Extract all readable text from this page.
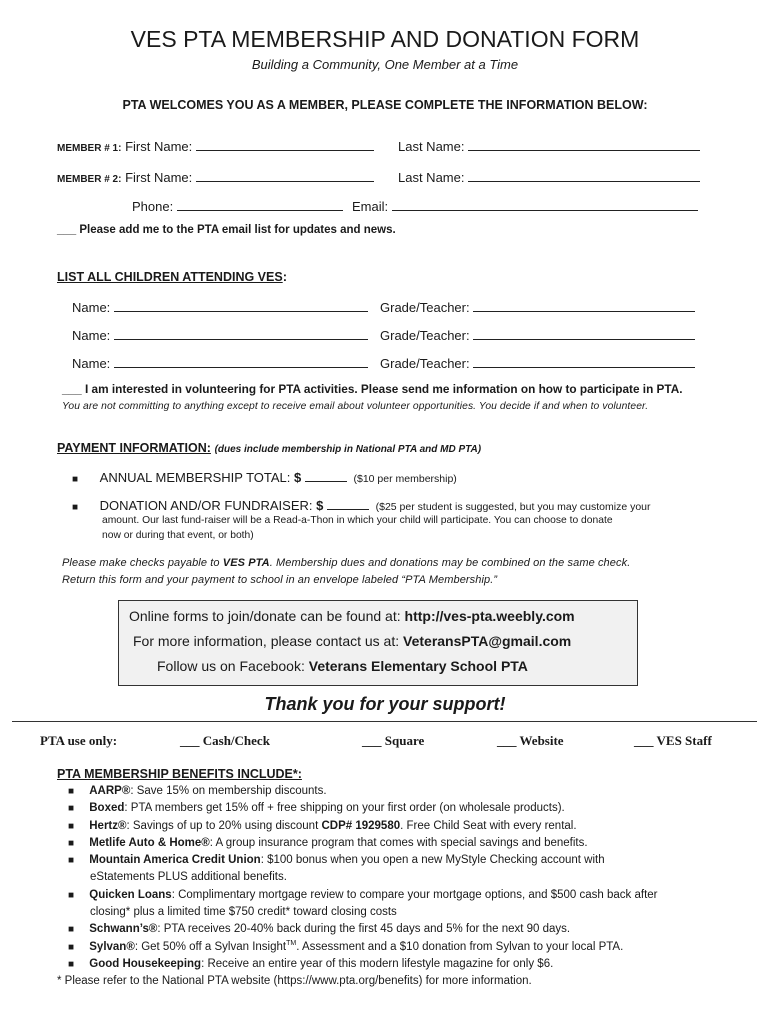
VES PTA MEMBERSHIP AND DONATION FORM
Building a Community, One Member at a Time
PTA WELCOMES YOU AS A MEMBER, PLEASE COMPLETE THE INFORMATION BELOW:
MEMBER # 1: First Name:	Last Name:
MEMBER # 2: First Name:	Last Name:
Phone:	Email:
___ Please add me to the PTA email list for updates and news.
LIST ALL CHILDREN ATTENDING VES:
Name:	Grade/Teacher:
Name:	Grade/Teacher:
Name:	Grade/Teacher:
___ I am interested in volunteering for PTA activities. Please send me information on how to participate in PTA.
You are not committing to anything except to receive email about volunteer opportunities. You decide if and when to volunteer.
PAYMENT INFORMATION: (dues include membership in National PTA and MD PTA)
■ ANNUAL MEMBERSHIP TOTAL: $	($10 per membership)
■ DONATION AND/OR FUNDRAISER: $	($25 per student is suggested, but you may customize your
amount. Our last fund-raiser will be a Read-a-Thon in which your child will participate. You can choose to donate
now or during that event, or both)
Please make checks payable to VES PTA. Membership dues and donations may be combined on the same check.
Return this form and your payment to school in an envelope labeled “PTA Membership.”
Online forms to join/donate can be found at: http://ves-pta.weebly.com
For more information, please contact us at: VeteransPTA@gmail.com
Follow us on Facebook: Veterans Elementary School PTA
Thank you for your support!
PTA use only:	___ Cash/Check	___ Square	___ Website	___ VES Staff
PTA MEMBERSHIP BENEFITS INCLUDE*:
■ AARP®: Save 15% on membership discounts.
■ Boxed: PTA members get 15% off + free shipping on your first order (on wholesale products).
■ Hertz®: Savings of up to 20% using discount CDP# 1929580. Free Child Seat with every rental.
■ Metlife Auto & Home®: A group insurance program that comes with special savings and benefits.
■ Mountain America Credit Union: $100 bonus when you open a new MyStyle Checking account with
eStatements PLUS additional benefits.
■ Quicken Loans: Complimentary mortgage review to compare your mortgage options, and $500 cash back after
closing* plus a limited time $750 credit* toward closing costs
■ Schwann’s®: PTA receives 20-40% back during the first 45 days and 5% for the next 90 days.
■ Sylvan®: Get 50% off a Sylvan Insight™. Assessment and a $10 donation from Sylvan to your local PTA.
■ Good Housekeeping: Receive an entire year of this modern lifestyle magazine for only $6.
* Please refer to the National PTA website (https://www.pta.org/benefits) for more information.
